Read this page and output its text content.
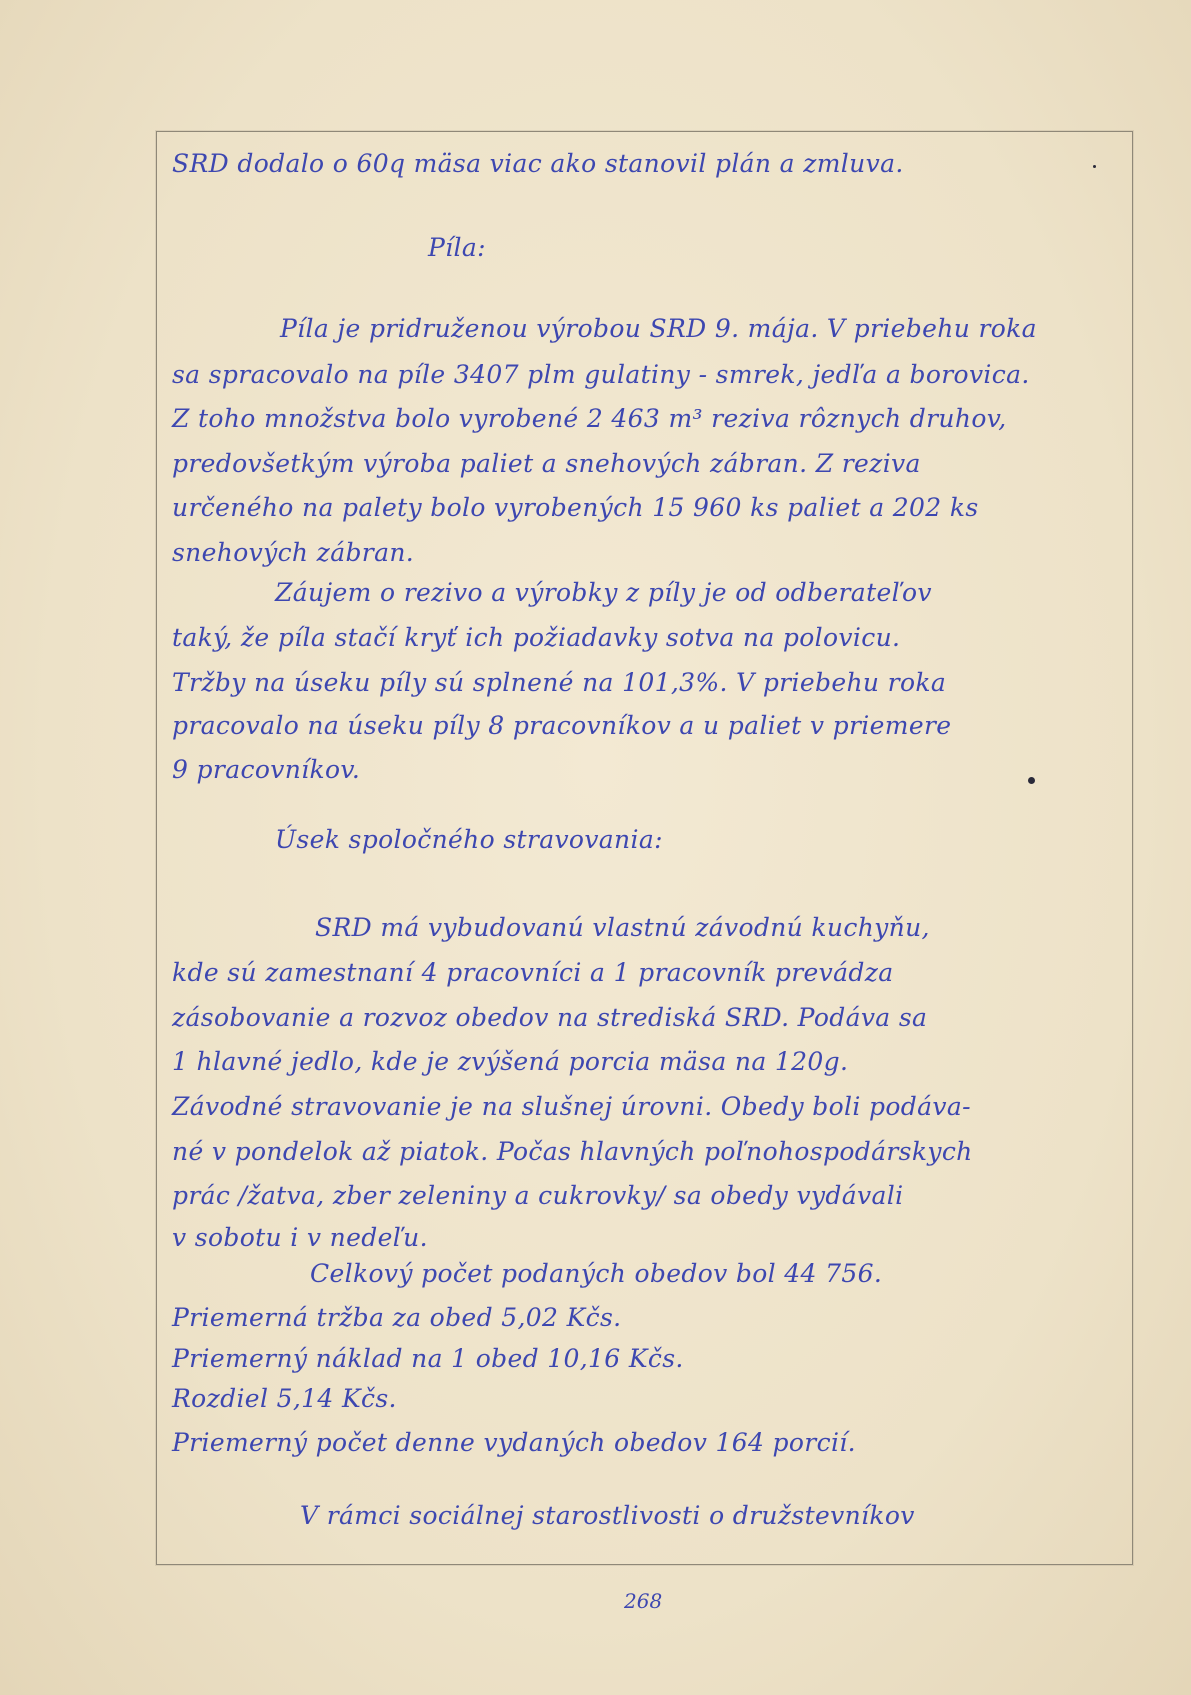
SRD dodalo o 60q mäsa viac ako stanovil plán a zmluva.

Píla:

Píla je pridruženou výrobou SRD 9. mája. V priebehu roka

sa spracovalo na píle 3407 plm gulatiny - smrek, jedľa a borovica.

Z toho množstva bolo vyrobené 2 463 m³ reziva rôznych druhov,

predovšetkým výroba paliet a snehových zábran. Z reziva

určeného na palety bolo vyrobených 15 960 ks paliet a 202 ks

snehových zábran.

Záujem o rezivo a výrobky z píly je od odberateľov

taký, že píla stačí kryť ich požiadavky sotva na polovicu.

Tržby na úseku píly sú splnené na 101,3%. V priebehu roka

pracovalo na úseku píly 8 pracovníkov a u paliet v priemere

9 pracovníkov.

Úsek spoločného stravovania:

SRD má vybudovanú vlastnú závodnú kuchyňu,

kde sú zamestnaní 4 pracovníci a 1 pracovník prevádza

zásobovanie a rozvoz obedov na strediská SRD. Podáva sa

1 hlavné jedlo, kde je zvýšená porcia mäsa na 120g.

Závodné stravovanie je na slušnej úrovni. Obedy boli podáva-

né v pondelok až piatok. Počas hlavných poľnohospodárskych

prác /žatva, zber zeleniny a cukrovky/ sa obedy vydávali

v sobotu i v nedeľu.

Celkový počet podaných obedov bol 44 756.

Priemerná tržba za obed 5,02 Kčs.

Priemerný náklad na 1 obed 10,16 Kčs.

Rozdiel 5,14 Kčs.

Priemerný počet denne vydaných obedov 164 porcií.

V rámci sociálnej starostlivosti o družstevníkov

268
